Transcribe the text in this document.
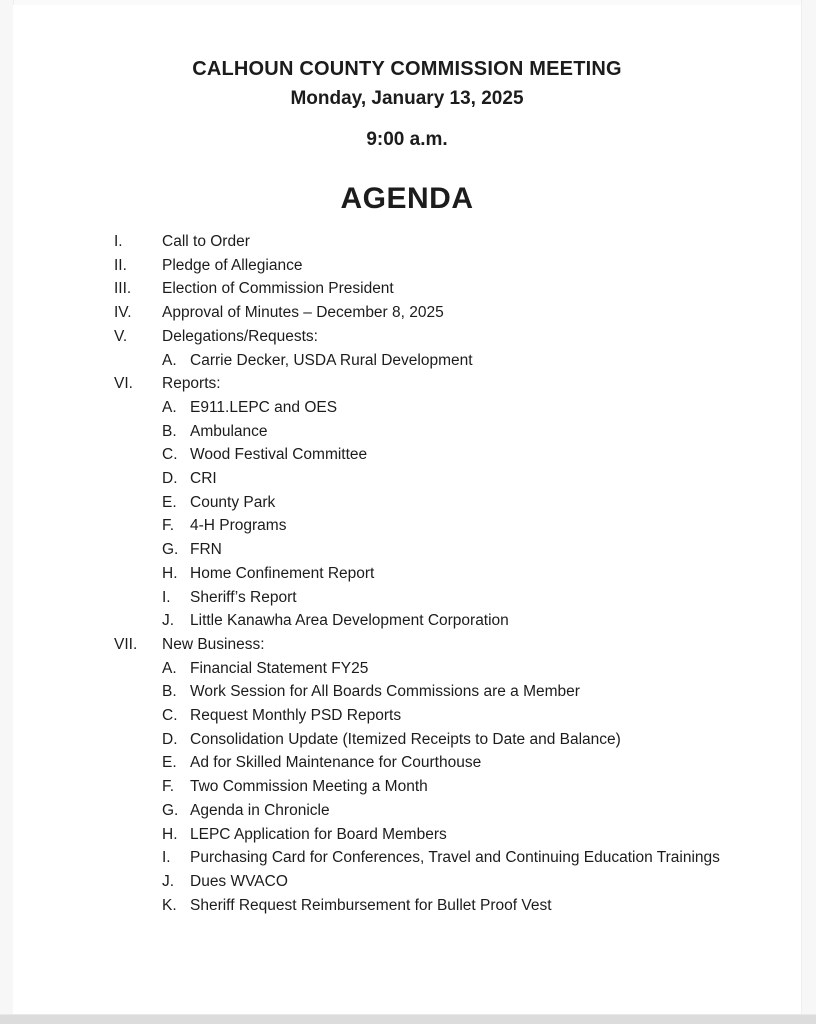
CALHOUN COUNTY COMMISSION MEETING
Monday, January 13, 2025
9:00 a.m.
AGENDA
I.	Call to Order
II.	Pledge of Allegiance
III.	Election of Commission President
IV.	Approval of Minutes – December 8, 2025
V.	Delegations/Requests:
A. Carrie Decker, USDA Rural Development
VI.	Reports:
A. E911.LEPC and OES
B. Ambulance
C. Wood Festival Committee
D. CRI
E. County Park
F.	4-H Programs
G. FRN
H. Home Confinement Report
I.	Sheriff’s Report
J.	Little Kanawha Area Development Corporation
VII.	New Business:
A. Financial Statement FY25
B. Work Session for All Boards Commissions are a Member
C. Request Monthly PSD Reports
D. Consolidation Update (Itemized Receipts to Date and Balance)
E. Ad for Skilled Maintenance for Courthouse
F.	Two Commission Meeting a Month
G. Agenda in Chronicle
H. LEPC Application for Board Members
I.	Purchasing Card for Conferences, Travel and Continuing Education Trainings
J.	Dues WVACO
K. Sheriff Request Reimbursement for Bullet Proof Vest
